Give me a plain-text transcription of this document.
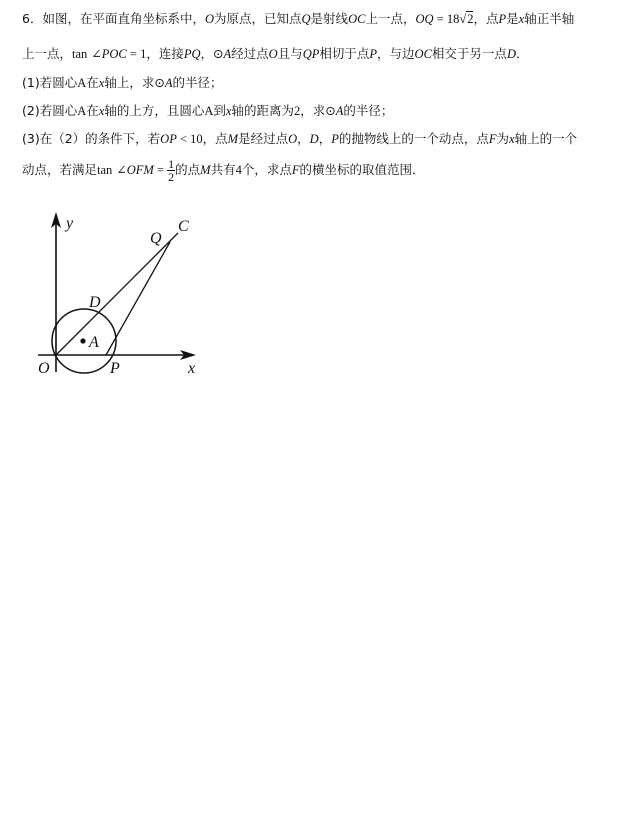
6．如图，在平面直角坐标系中，O为原点，已知点Q是射线OC上一点，OQ = 18√2，点P是x轴正半轴
上一点，tan ∠POC = 1，连接PQ，⊙A经过点O且与QP相切于点P，与边OC相交于另一点D．
(1)若圆心A在x轴上，求⊙A的半径；
(2)若圆心A在x轴的上方，且圆心A到x轴的距离为2，求⊙A的半径；
(3)在（2）的条件下，若OP < 10，点M是经过点O，D，P的抛物线上的一个动点，点F为x轴上的一个
动点，若满足tan ∠OFM = $\frac{1}{2}$ 的点M共有4个，求点F的横坐标的取值范围．
y	C
Q
D
A
O	P	x
